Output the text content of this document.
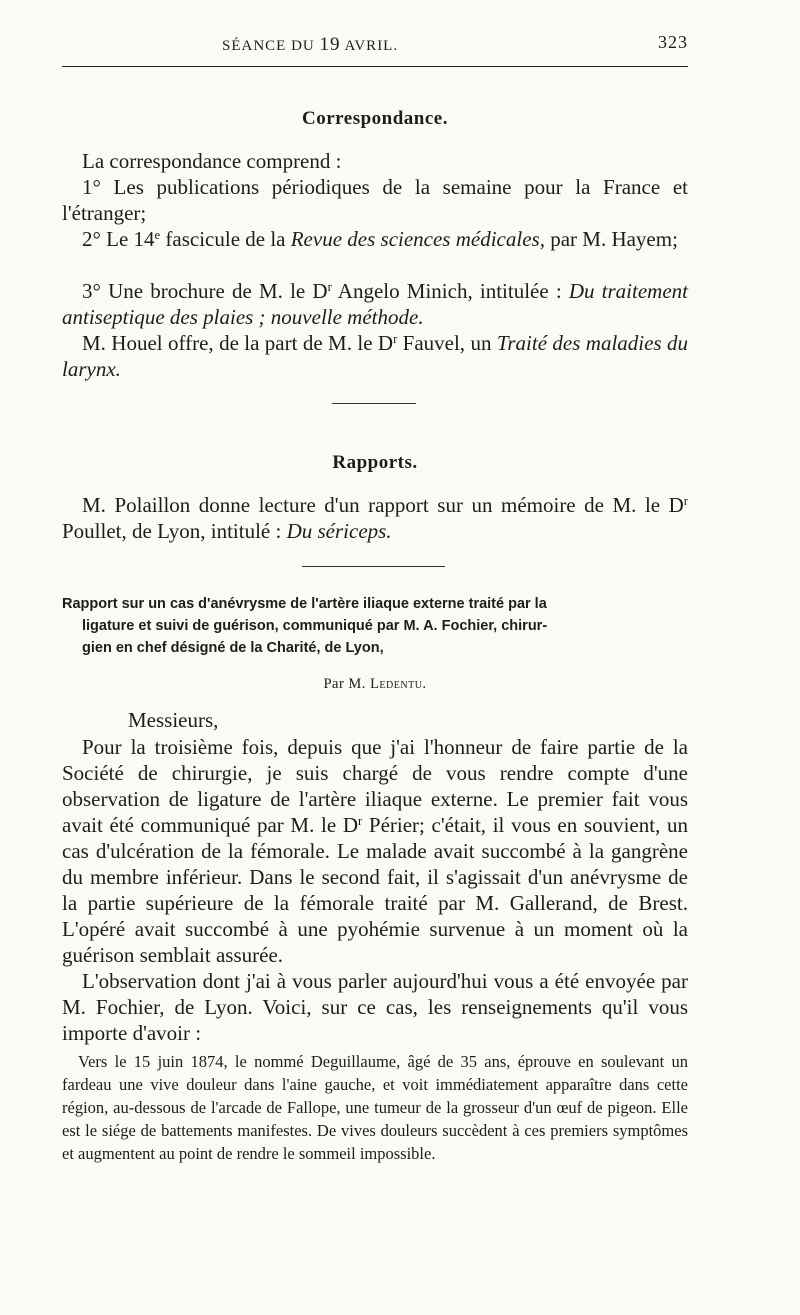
SÉANCE DU 19 AVRIL.	323
Correspondance.
La correspondance comprend :
1° Les publications périodiques de la semaine pour la France et l'étranger;
2° Le 14e fascicule de la Revue des sciences médicales, par M. Hayem;
3° Une brochure de M. le $D^r$ Angelo Minich, intitulée : Du traitement antiseptique des plaies ; nouvelle méthode.
M. Houel offre, de la part de M. le $D^r$ Fauvel, un Traité des maladies du larynx.
Rapports.
M. Polaillon donne lecture d'un rapport sur un mémoire de M. le $D^r$ Poullet, de Lyon, intitulé : Du sériceps.
Rapport sur un cas d'anévrysme de l'artère iliaque externe traité par la
ligature et suivi de guérison, communiqué par M. A. Fochier, chirur-
gien en chef désigné de la Charité, de Lyon,
Par M. Ledentu.
Messieurs,
Pour la troisième fois, depuis que j'ai l'honneur de faire partie de la Société de chirurgie, je suis chargé de vous rendre compte d'une observation de ligature de l'artère iliaque externe. Le premier fait vous avait été communiqué par M. le $D^r$ Périer; c'était, il vous en souvient, un cas d'ulcération de la fémorale. Le malade avait succombé à la gangrène du membre inférieur. Dans le second fait, il s'agissait d'un anévrysme de la partie supérieure de la fémorale traité par M. Gallerand, de Brest. L'opéré avait succombé à une pyohémie survenue à un moment où la guérison semblait assurée.
L'observation dont j'ai à vous parler aujourd'hui vous a été envoyée par M. Fochier, de Lyon. Voici, sur ce cas, les renseignements qu'il vous importe d'avoir :
Vers le 15 juin 1874, le nommé Deguillaume, âgé de 35 ans, éprouve en soulevant un fardeau une vive douleur dans l'aine gauche, et voit immédiatement apparaître dans cette région, au-dessous de l'arcade de Fallope, une tumeur de la grosseur d'un œuf de pigeon. Elle est le siége de battements manifestes. De vives douleurs succèdent à ces premiers symptômes et augmentent au point de rendre le sommeil impossible.
